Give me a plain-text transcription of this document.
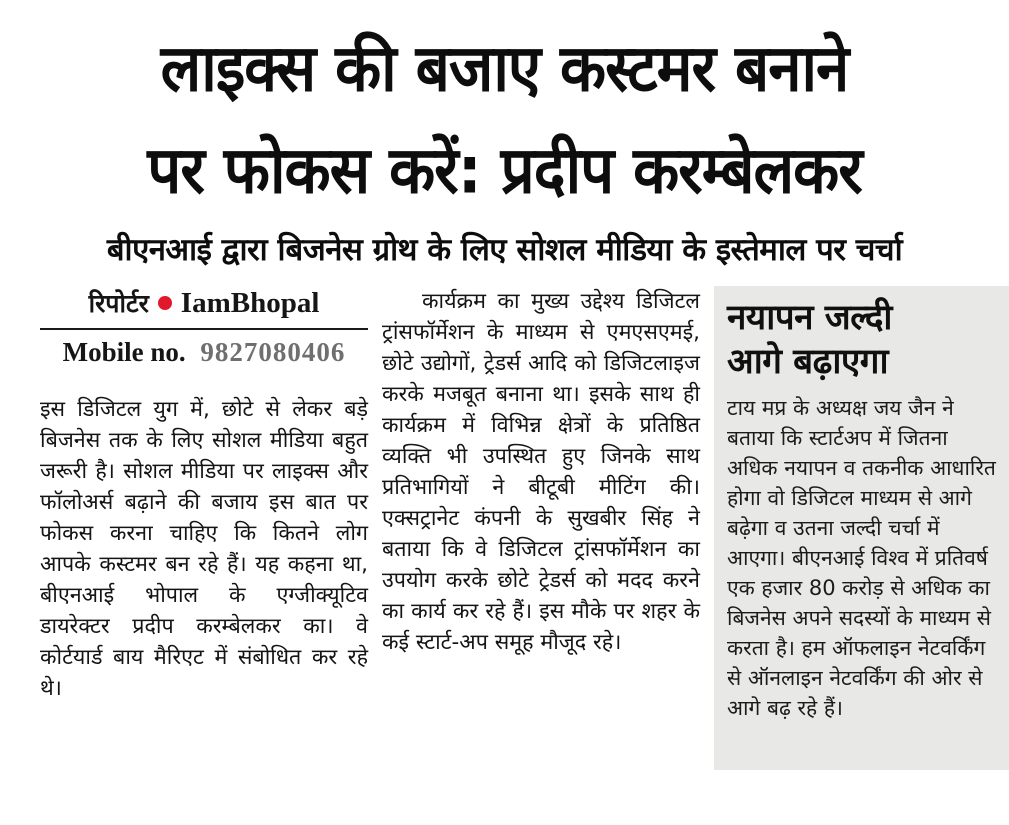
लाइक्स की बजाए कस्टमर बनाने
पर फोकस करें: प्रदीप करम्बेलकर
बीएनआई द्वारा बिजनेस ग्रोथ के लिए सोशल मीडिया के इस्तेमाल पर चर्चा
रिपोर्टर IamBhopal
Mobile no. 9827080406

इस डिजिटल युग में, छोटे से लेकर बड़े बिजनेस तक के लिए सोशल मीडिया बहुत जरूरी है। सोशल मीडिया पर लाइक्स और फॉलोअर्स बढ़ाने की बजाय इस बात पर फोकस करना चाहिए कि कितने लोग आपके कस्टमर बन रहे हैं। यह कहना था, बीएनआई भोपाल के एग्जीक्यूटिव डायरेक्टर प्रदीप करम्बेलकर का। वे कोर्टयार्ड बाय मैरिएट में संबोधित कर रहे थे।

कार्यक्रम का मुख्य उद्देश्य डिजिटल ट्रांसफॉर्मेशन के माध्यम से एमएसएमई, छोटे उद्योगों, ट्रेडर्स आदि को डिजिटलाइज करके मजबूत बनाना था। इसके साथ ही कार्यक्रम में विभिन्न क्षेत्रों के प्रतिष्ठित व्यक्ति भी उपस्थित हुए जिनके साथ प्रतिभागियों ने बीटूबी मीटिंग की। एक्सट्रानेट कंपनी के सुखबीर सिंह ने बताया कि वे डिजिटल ट्रांसफॉर्मेशन का उपयोग करके छोटे ट्रेडर्स को मदद करने का कार्य कर रहे हैं। इस मौके पर शहर के कई स्टार्ट-अप समूह मौजूद रहे।

नयापन जल्दी
आगे बढ़ाएगा

टाय मप्र के अध्यक्ष जय जैन ने बताया कि स्टार्टअप में जितना अधिक नयापन व तकनीक आधारित होगा वो डिजिटल माध्यम से आगे बढ़ेगा व उतना जल्दी चर्चा में आएगा। बीएनआई विश्व में प्रतिवर्ष एक हजार 80 करोड़ से अधिक का बिजनेस अपने सदस्यों के माध्यम से करता है। हम ऑफलाइन नेटवर्किंग से ऑनलाइन नेटवर्किंग की ओर से आगे बढ़ रहे हैं।
